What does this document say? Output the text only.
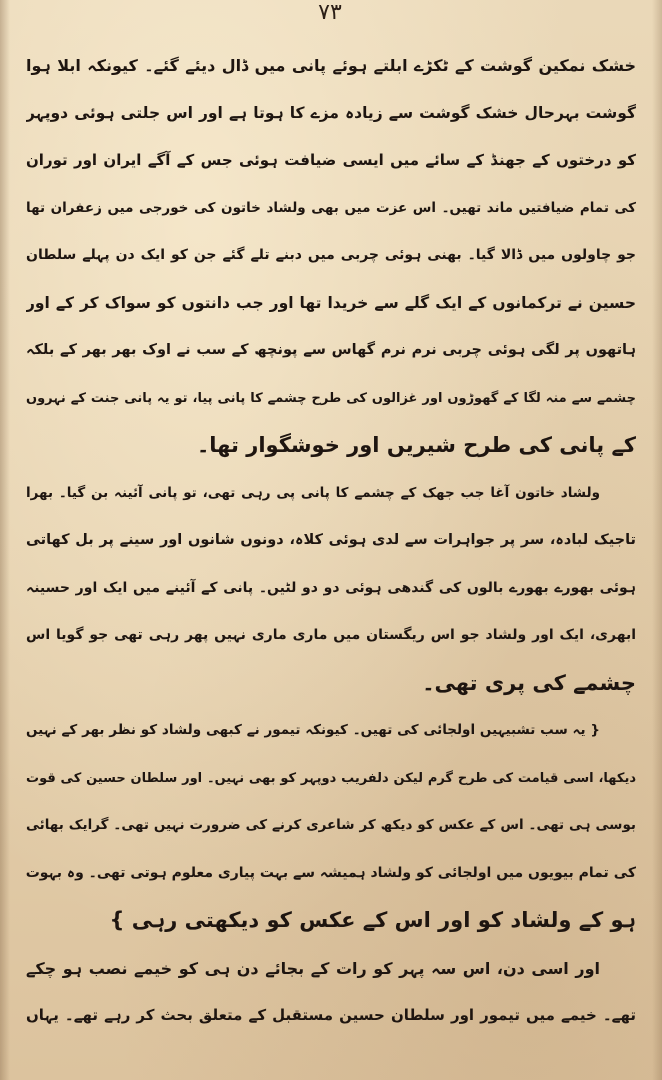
۷۳
خشک نمکین گوشت کے ٹکڑے ابلتے ہوئے پانی میں ڈال دیئے گئے۔ کیونکہ ابلا ہوا
گوشت بہرحال خشک گوشت سے زیادہ مزے کا ہوتا ہے اور اس جلتی ہوئی دوپہر
کو درختوں کے جھنڈ کے سائے میں ایسی ضیافت ہوئی جس کے آگے ایران اور توران
کی تمام ضیافتیں ماند تھیں۔ اس عزت میں بھی ولشاد خاتون کی خورجی میں زعفران تھا
جو چاولوں میں ڈالا گیا۔ بھنی ہوئی چربی میں دبنے تلے گئے جن کو ایک دن پہلے سلطان
حسین نے ترکمانوں کے ایک گلے سے خریدا تھا اور جب دانتوں کو سواک کر کے اور
ہاتھوں پر لگی ہوئی چربی نرم نرم گھاس سے پونچھ کے سب نے اوک بھر بھر کے بلکہ
چشمے سے منہ لگا کے گھوڑوں اور غزالوں کی طرح چشمے کا پانی پیا، تو یہ پانی جنت کے نہروں
کے پانی کی طرح شیریں اور خوشگوار تھا۔
ولشاد خاتون آغا جب جھک کے چشمے کا پانی پی رہی تھی، تو پانی آئینہ بن گیا۔ بھرا
تاجیک لبادہ، سر پر جواہرات سے لدی ہوئی کلاہ، دونوں شانوں اور سینے پر بل کھاتی
ہوئی بھورے بھورے بالوں کی گندھی ہوئی دو دو لٹیں۔ پانی کے آئینے میں ایک اور حسینہ
ابھری، ایک اور ولشاد جو اس ریگستان میں ماری ماری نہیں پھر رہی تھی جو گویا اس
چشمے کی پری تھی۔
{ یہ سب تشبیہیں اولجائی کی تھیں۔ کیونکہ تیمور نے کبھی ولشاد کو نظر بھر کے نہیں
دیکھا، اسی قیامت کی طرح گرم لیکن دلفریب دوپہر کو بھی نہیں۔ اور سلطان حسین کی قوت
بوسی ہی تھی۔ اس کے عکس کو دیکھ کر شاعری کرنے کی ضرورت نہیں تھی۔ گرایک بھائی
کی تمام بیویوں میں اولجائی کو ولشاد ہمیشہ سے بہت پیاری معلوم ہوتی تھی۔ وہ بہوت
ہو کے ولشاد کو اور اس کے عکس کو دیکھتی رہی }
اور اسی دن، اس سہ پہر کو رات کے بجائے دن ہی کو خیمے نصب ہو چکے
تھے۔ خیمے میں تیمور اور سلطان حسین مستقبل کے متعلق بحث کر رہے تھے۔ یہاں
